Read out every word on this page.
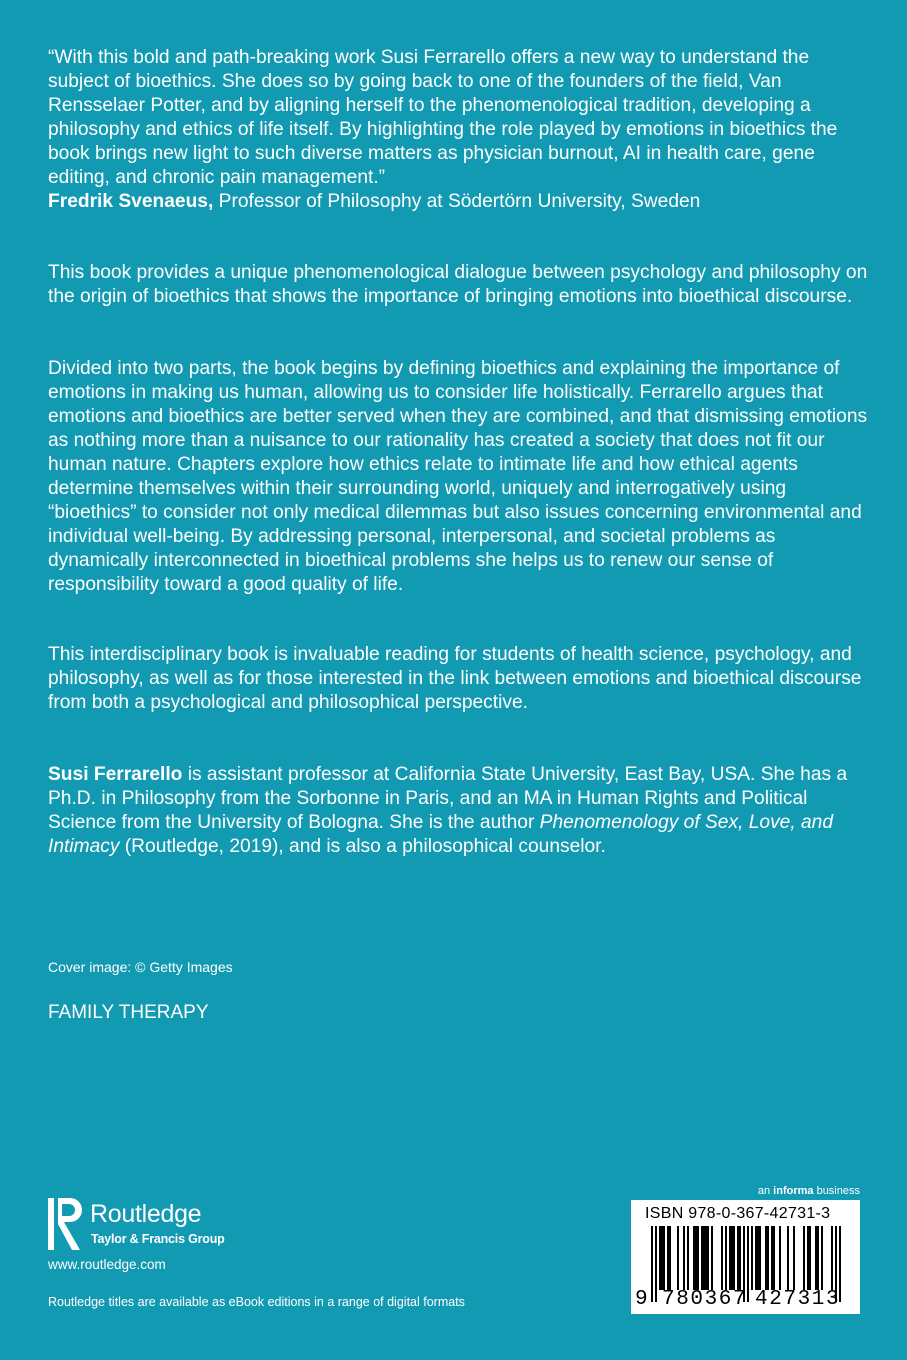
“With this bold and path-breaking work Susi Ferrarello offers a new way to understand the subject of bioethics. She does so by going back to one of the founders of the field, Van Rensselaer Potter, and by aligning herself to the phenomenological tradition, developing a philosophy and ethics of life itself. By highlighting the role played by emotions in bioethics the book brings new light to such diverse matters as physician burnout, AI in health care, gene editing, and chronic pain management.”
Fredrik Svenaeus, Professor of Philosophy at Södertörn University, Sweden

This book provides a unique phenomenological dialogue between psychology and philosophy on the origin of bioethics that shows the importance of bringing emotions into bioethical discourse.

Divided into two parts, the book begins by defining bioethics and explaining the importance of emotions in making us human, allowing us to consider life holistically. Ferrarello argues that emotions and bioethics are better served when they are combined, and that dismissing emotions as nothing more than a nuisance to our rationality has created a society that does not fit our human nature. Chapters explore how ethics relate to intimate life and how ethical agents determine themselves within their surrounding world, uniquely and interrogatively using “bioethics” to consider not only medical dilemmas but also issues concerning environmental and individual well-being. By addressing personal, interpersonal, and societal problems as dynamically interconnected in bioethical problems she helps us to renew our sense of responsibility toward a good quality of life.

This interdisciplinary book is invaluable reading for students of health science, psychology, and philosophy, as well as for those interested in the link between emotions and bioethical discourse from both a psychological and philosophical perspective.

Susi Ferrarello is assistant professor at California State University, East Bay, USA. She has a Ph.D. in Philosophy from the Sorbonne in Paris, and an MA in Human Rights and Political Science from the University of Bologna. She is the author Phenomenology of Sex, Love, and Intimacy (Routledge, 2019), and is also a philosophical counselor.

Cover image: © Getty Images
FAMILY THERAPY
Routledge
Taylor & Francis Group
www.routledge.com
Routledge titles are available as eBook editions in a range of digital formats
an informa business
ISBN 978-0-367-42731-3
9 780367 427313
